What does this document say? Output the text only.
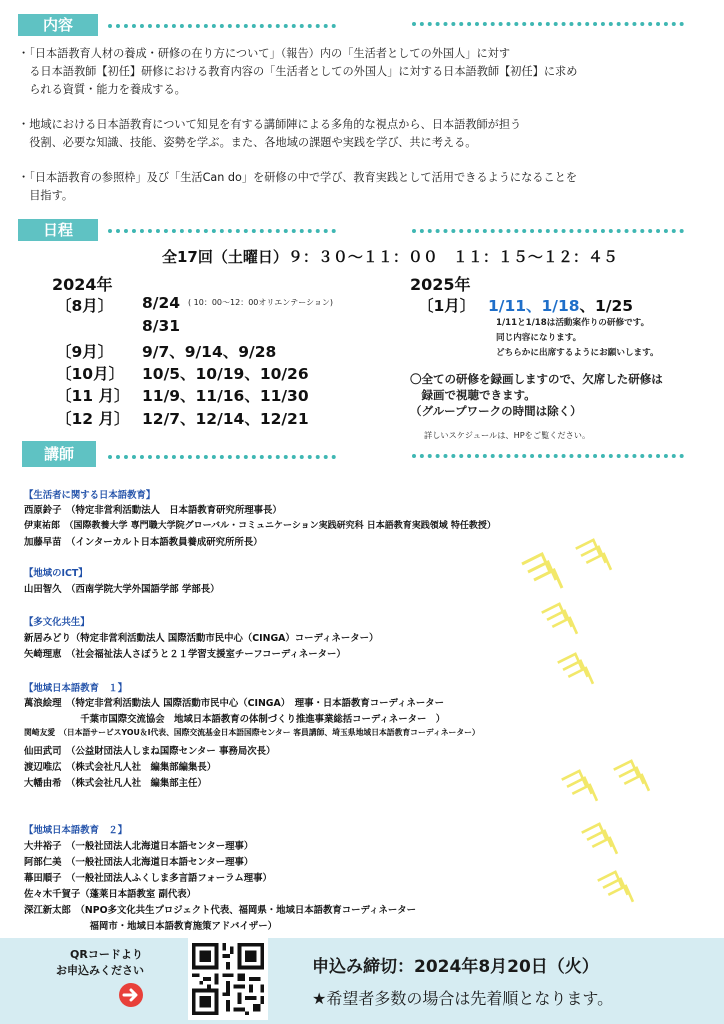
内容
・「日本語教育人材の養成・研修の在り方について」（報告）内の「生活者としての外国人」に対す
　る日本語教師【初任】研修における教育内容の「生活者としての外国人」に対する日本語教師【初任】に求め
　られる資質・能力を養成する。
・地域における日本語教育について知見を有する講師陣による多角的な視点から、日本語教師が担う
　役割、必要な知識、技能、姿勢を学ぶ。また、各地域の課題や実践を学び、共に考える。
・「日本語教育の参照枠」及び「生活Can do」を研修の中で学び、教育実践として活用できるようになることを
　目指す。
日程
全17回（土曜日）９：３０～１１：００　１１：１５～１２：４５
2024年
〔8月〕 8/24 ( 10：00～12：00オリエンテーション)
8/31
〔9月〕 9/7、9/14、9/28
〔10月〕 10/5、10/19、10/26
〔11 月〕 11/9、11/16、11/30
〔12 月〕 12/7、12/14、12/21
2025年
〔1月〕 1/11、1/18、1/25
1/11と1/18は活動案作りの研修です。
同じ内容になります。
どちらかに出席するようにお願いします。
〇全ての研修を録画しますので、欠席した研修は
　録画で視聴できます。
（グループワークの時間は除く）
詳しいスケジュールは、HPをご覧ください。
講師
【生活者に関する日本語教育】
西原鈴子　（特定非営利活動法人　日本語教育研究所理事長）
伊東祐郎　（国際教養大学 専門職大学院グローバル・コミュニケーション実践研究科 日本語教育実践領域 特任教授）
加藤早苗　（インターカルト日本語教員養成研究所所長）
【地域のICT】
山田智久　（西南学院大学外国語学部 学部長）
【多文化共生】
新居みどり（特定非営利活動法人 国際活動市民中心（CINGA）コーディネーター）
矢崎理恵　（社会福祉法人さぽうと２１学習支援室チーフコーディネーター）
【地域日本語教育　１】
萬浪絵理　（特定非営利活動法人 国際活動市民中心（CINGA）　理事・日本語教育コーディネーター
　　　　　　千葉市国際交流協会　地域日本語教育の体制づくり推進事業総括コーディネーター　）
関崎友愛　（日本語サービスYOU＆I代表、国際交流基金日本語国際センター 客員講師、埼玉県地域日本語教育コーディネーター）
仙田武司　（公益財団法人しまね国際センター 事務局次長）
渡辺唯広　（株式会社凡人社　編集部編集長）
大幡由希　（株式会社凡人社　編集部主任）
【地域日本語教育　２】
大井裕子　（一般社団法人北海道日本語センター理事）
阿部仁美　（一般社団法人北海道日本語センター理事）
幕田順子　（一般社団法人ふくしま多言語フォーラム理事）
佐々木千賀子（蓬莱日本語教室 副代表）
深江新太郎　（NPO多文化共生プロジェクト代表、福岡県・地域日本語教育コーディネーター
　　　　　　　福岡市・地域日本語教育施策アドバイザー）
QRコードより
お申込みください	申込み締切：2024年8月20日（火）
★希望者多数の場合は先着順となります。
